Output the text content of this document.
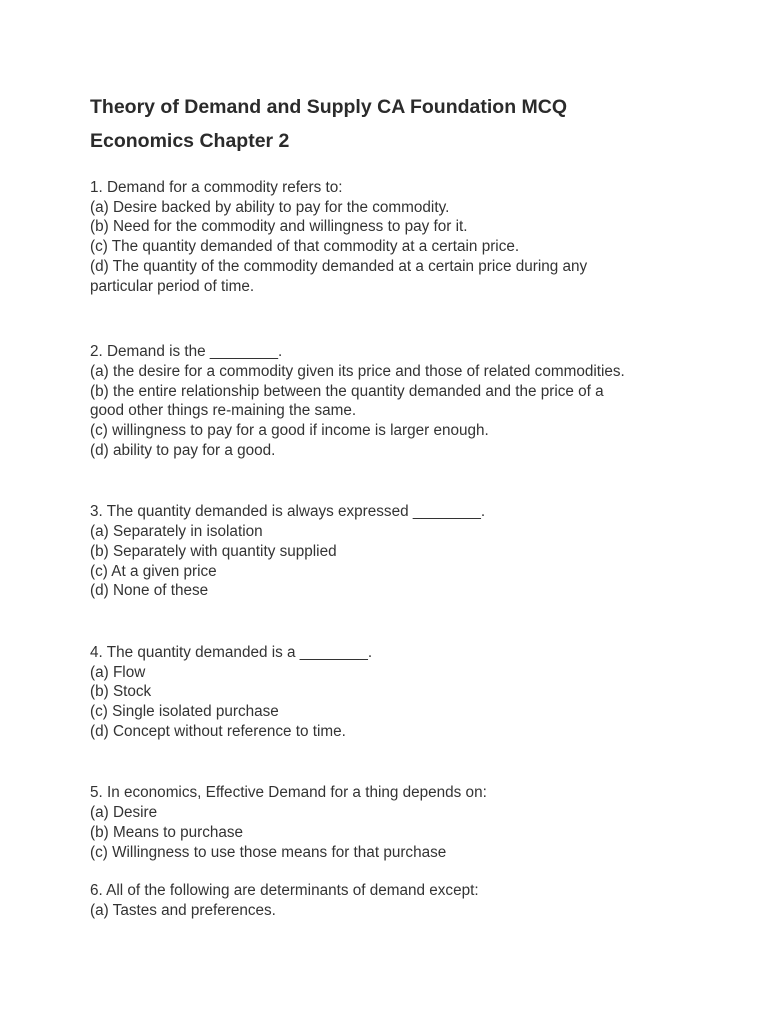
Theory of Demand and Supply CA Foundation MCQ
Economics Chapter 2
1. Demand for a commodity refers to:
(a) Desire backed by ability to pay for the commodity.
(b) Need for the commodity and willingness to pay for it.
(c) The quantity demanded of that commodity at a certain price.
(d) The quantity of the commodity demanded at a certain price during any
particular period of time.
2. Demand is the ________.
(a) the desire for a commodity given its price and those of related commodities.
(b) the entire relationship between the quantity demanded and the price of a
good other things re-maining the same.
(c) willingness to pay for a good if income is larger enough.
(d) ability to pay for a good.
3. The quantity demanded is always expressed ________.
(a) Separately in isolation
(b) Separately with quantity supplied
(c) At a given price
(d) None of these
4. The quantity demanded is a ________.
(a) Flow
(b) Stock
(c) Single isolated purchase
(d) Concept without reference to time.
5. In economics, Effective Demand for a thing depends on:
(a) Desire
(b) Means to purchase
(c) Willingness to use those means for that purchase
6. All of the following are determinants of demand except:
(a) Tastes and preferences.
